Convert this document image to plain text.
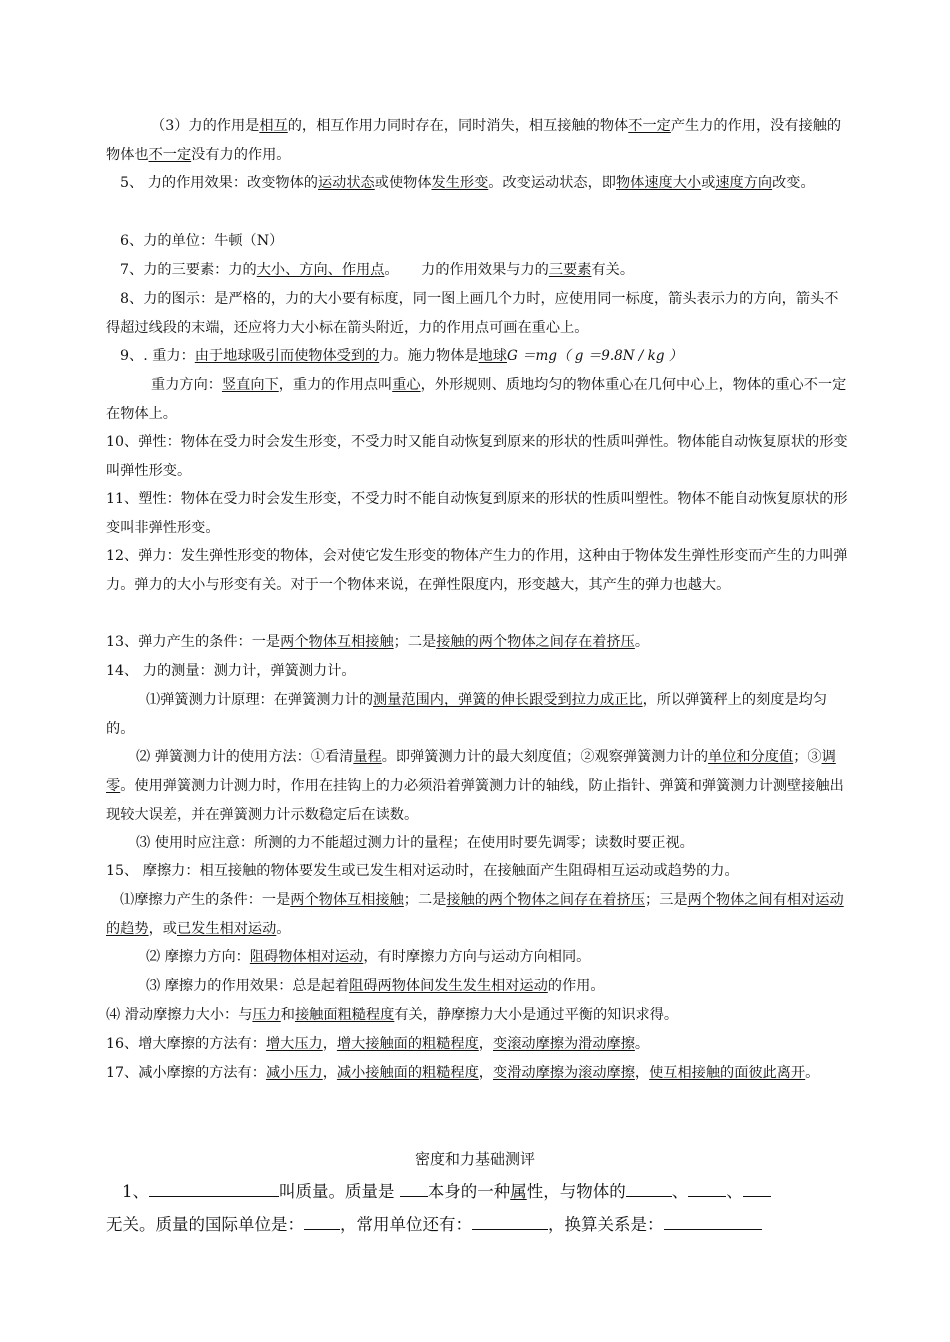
（3）力的作用是相互的，相互作用力同时存在，同时消失，相互接触的物体不一定产生力的作用，没有接触的物体也不一定没有力的作用。

5、 力的作用效果：改变物体的运动状态或使物体发生形变。改变运动状态，即物体速度大小或速度方向改变。

6、力的单位：牛顿（N）

7、力的三要素：力的大小、方向、作用点。     力的作用效果与力的三要素有关。

8、力的图示：是严格的，力的大小要有标度，同一图上画几个力时，应使用同一标度，箭头表示力的方向，箭头不得超过线段的末端，还应将力大小标在箭头附近，力的作用点可画在重心上。

9、. 重力：由于地球吸引而使物体受到的力。施力物体是地球G ＝mg（ g ＝9.8N / kg ）

重力方向：竖直向下，重力的作用点叫重心，外形规则、质地均匀的物体重心在几何中心上，物体的重心不一定在物体上。

10、弹性：物体在受力时会发生形变，不受力时又能自动恢复到原来的形状的性质叫弹性。物体能自动恢复原状的形变叫弹性形变。

11、塑性：物体在受力时会发生形变，不受力时不能自动恢复到原来的形状的性质叫塑性。物体不能自动恢复原状的形变叫非弹性形变。

12、弹力：发生弹性形变的物体，会对使它发生形变的物体产生力的作用，这种由于物体发生弹性形变而产生的力叫弹力。弹力的大小与形变有关。对于一个物体来说，在弹性限度内，形变越大，其产生的弹力也越大。

13、弹力产生的条件：一是两个物体互相接触；二是接触的两个物体之间存在着挤压。

14、 力的测量：测力计，弹簧测力计。

⑴弹簧测力计原理：在弹簧测力计的测量范围内，弹簧的伸长跟受到拉力成正比，所以弹簧秤上的刻度是均匀的。

⑵ 弹簧测力计的使用方法：①看清量程。即弹簧测力计的最大刻度值；②观察弹簧测力计的单位和分度值；③调零。使用弹簧测力计测力时，作用在挂钩上的力必须沿着弹簧测力计的轴线，防止指针、弹簧和弹簧测力计测壁接触出现较大误差，并在弹簧测力计示数稳定后在读数。

⑶ 使用时应注意：所测的力不能超过测力计的量程；在使用时要先调零；读数时要正视。

15、 摩擦力：相互接触的物体要发生或已发生相对运动时，在接触面产生阻碍相互运动或趋势的力。

⑴摩擦力产生的条件：一是两个物体互相接触；二是接触的两个物体之间存在着挤压；三是两个物体之间有相对运动的趋势，或已发生相对运动。

⑵ 摩擦力方向：阻碍物体相对运动，有时摩擦力方向与运动方向相同。

⑶ 摩擦力的作用效果：总是起着阻碍两物体间发生发生相对运动的作用。

⑷ 滑动摩擦力大小：与压力和接触面粗糙程度有关，静摩擦力大小是通过平衡的知识求得。

16、增大摩擦的方法有：增大压力，增大接触面的粗糙程度，变滚动摩擦为滑动摩擦。

17、减小摩擦的方法有：减小压力，减小接触面的粗糙程度，变滑动摩擦为滚动摩擦，使互相接触的面彼此离开。

密度和力基础测评

1、	叫质量。质量是 本身的一种属性，与物体的	、 、
无关。质量的国际单位是： ，常用单位还有：	，换算关系是：
